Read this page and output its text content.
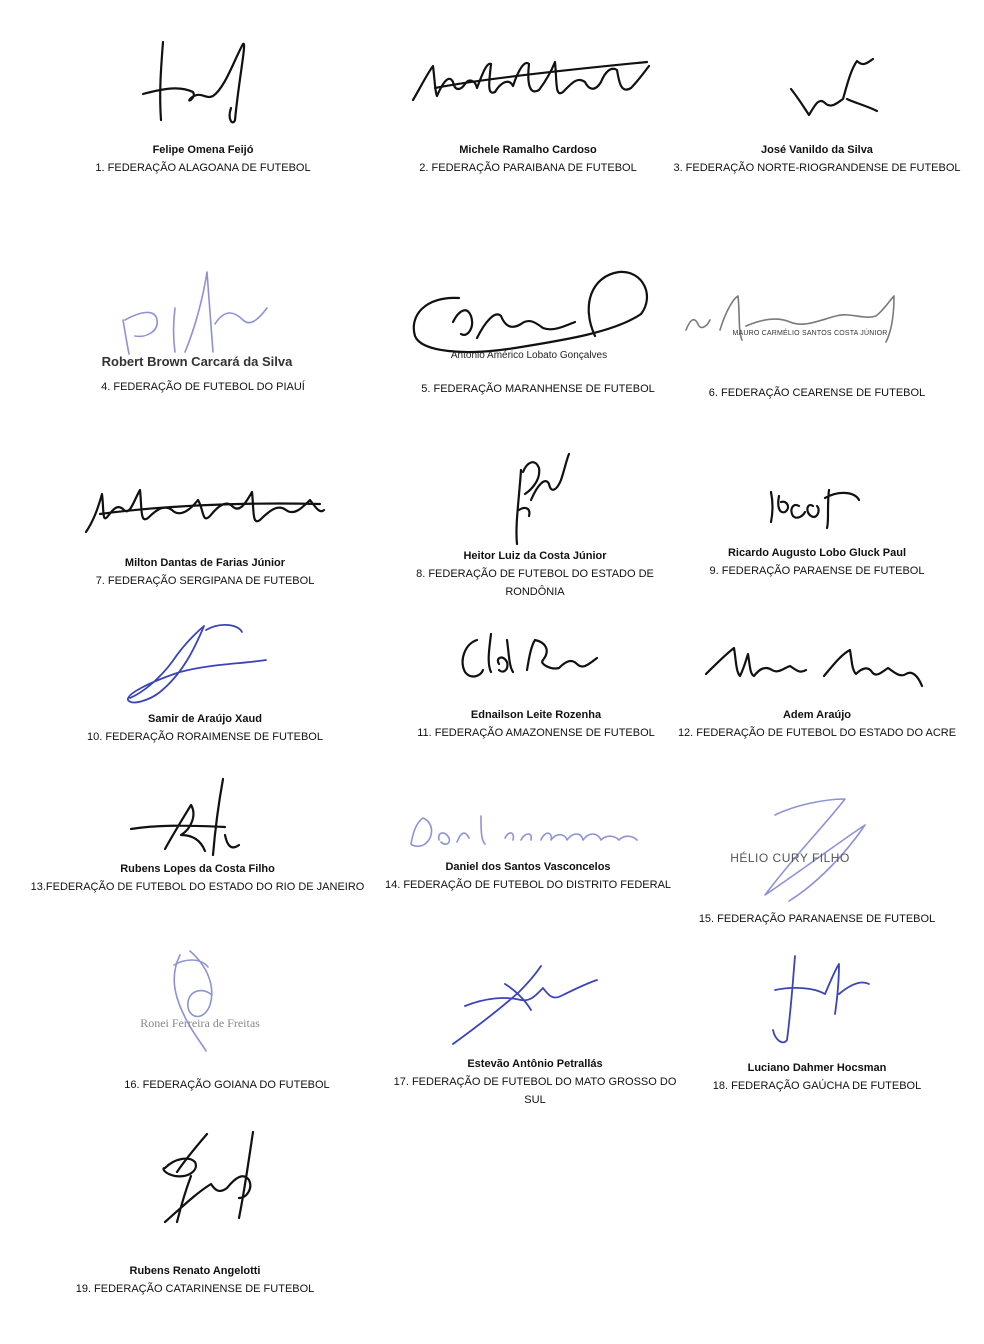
Felipe Omena Feijó
1. FEDERAÇÃO ALAGOANA DE FUTEBOL
Michele Ramalho Cardoso
2. FEDERAÇÃO PARAIBANA DE FUTEBOL
José Vanildo da Silva
3. FEDERAÇÃO NORTE-RIOGRANDENSE DE FUTEBOL
Robert Brown Carcará da Silva
4. FEDERAÇÃO DE FUTEBOL DO PIAUÍ
Antonio Américo Lobato Gonçalves
5. FEDERAÇÃO MARANHENSE DE FUTEBOL
MAURO CARMÉLIO SANTOS COSTA JÚNIOR
6. FEDERAÇÃO CEARENSE DE FUTEBOL
Milton Dantas de Farias Júnior
7. FEDERAÇÃO SERGIPANA DE FUTEBOL
Heitor Luiz da Costa Júnior
8. FEDERAÇÃO DE FUTEBOL DO ESTADO DE RONDÔNIA
Ricardo Augusto Lobo Gluck Paul
9. FEDERAÇÃO PARAENSE DE FUTEBOL
Samir de Araújo Xaud
10. FEDERAÇÃO RORAIMENSE DE FUTEBOL
Ednailson Leite Rozenha
11. FEDERAÇÃO AMAZONENSE DE FUTEBOL
Adem Araújo
12. FEDERAÇÃO DE FUTEBOL DO ESTADO DO ACRE
Rubens Lopes da Costa Filho
13.FEDERAÇÃO DE FUTEBOL DO ESTADO DO RIO DE JANEIRO
Daniel dos Santos Vasconcelos
14. FEDERAÇÃO DE FUTEBOL DO DISTRITO FEDERAL
HÉLIO CURY FILHO
15. FEDERAÇÃO PARANAENSE DE FUTEBOL
Ronei Ferreira de Freitas
16. FEDERAÇÃO GOIANA DO FUTEBOL
Estevão Antônio Petrallás
17. FEDERAÇÃO DE FUTEBOL DO MATO GROSSO DO SUL
Luciano Dahmer Hocsman
18. FEDERAÇÃO GAÚCHA DE FUTEBOL
Rubens Renato Angelotti
19. FEDERAÇÃO CATARINENSE DE FUTEBOL
